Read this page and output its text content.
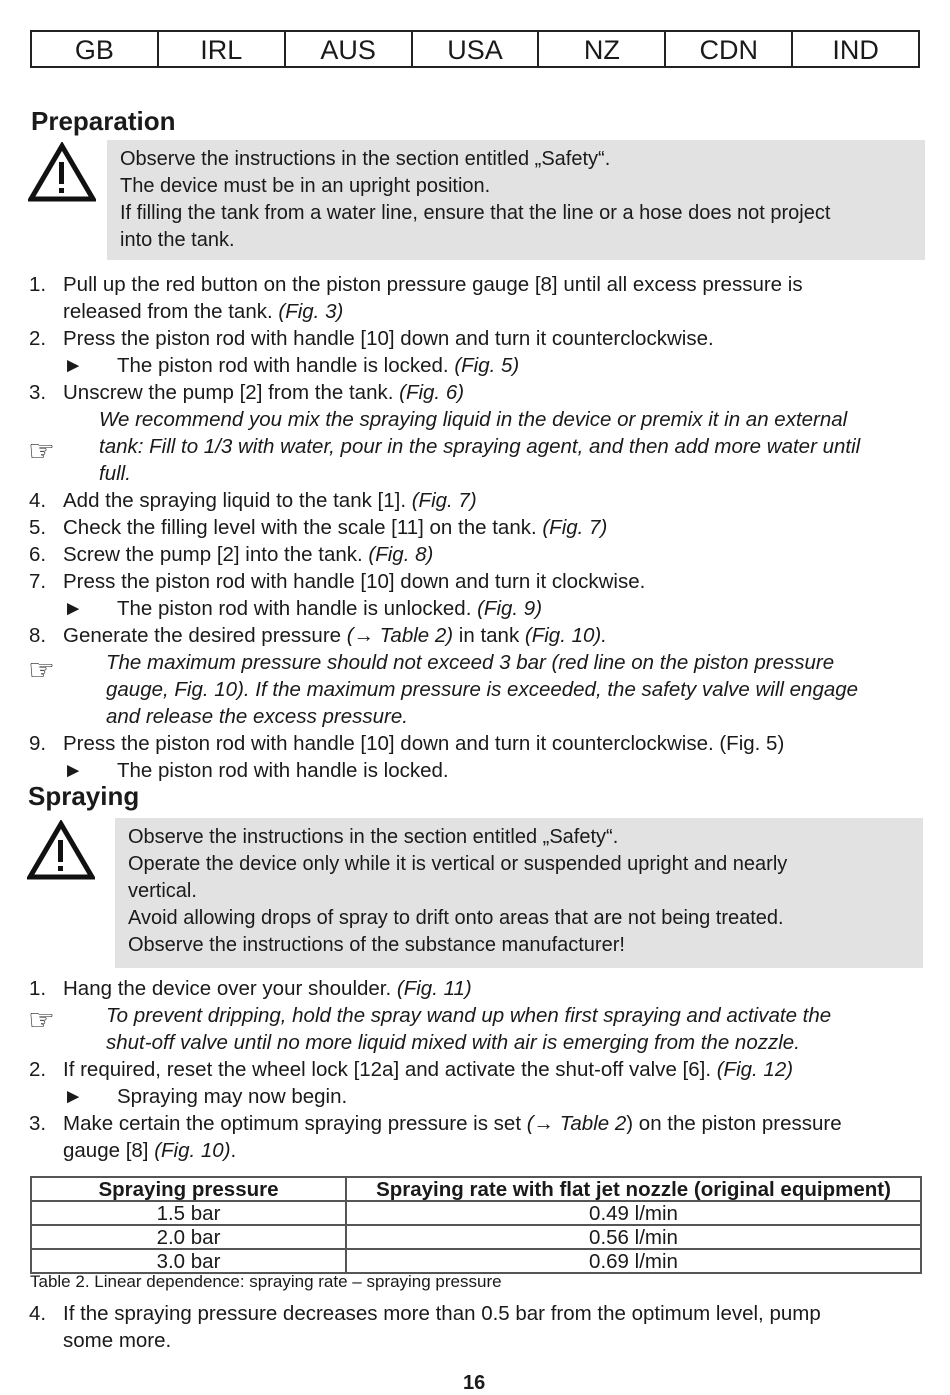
GB	IRL	AUS	USA	NZ	CDN	IND
Preparation

Observe the instructions in the section entitled „Safety“.

The device must be in an upright position.

If filling the tank from a water line, ensure that the line or a hose does not project

into the tank.

1. Pull up the red button on the piston pressure gauge [8] until all excess pressure is
released from the tank. (Fig. 3)
2. Press the piston rod with handle [10] down and turn it counterclockwise.
► The piston rod with handle is locked. (Fig. 5)
3. Unscrew the pump [2] from the tank. (Fig. 6)
☞
We recommend you mix the spraying liquid in the device or premix it in an external
tank: Fill to 1/3 with water, pour in the spraying agent, and then add more water until
full.
4. Add the spraying liquid to the tank [1]. (Fig. 7)
5. Check the filling level with the scale [11] on the tank. (Fig. 7)
6. Screw the pump [2] into the tank. (Fig. 8)
7. Press the piston rod with handle [10] down and turn it clockwise.
► The piston rod with handle is unlocked. (Fig. 9)
8. Generate the desired pressure (→ Table 2) in tank (Fig. 10).
☞ The maximum pressure should not exceed 3 bar (red line on the piston pressure
gauge, Fig. 10). If the maximum pressure is exceeded, the safety valve will engage
and release the excess pressure.
9. Press the piston rod with handle [10] down and turn it counterclockwise. (Fig. 5)
► The piston rod with handle is locked.
Spraying

Observe the instructions in the section entitled „Safety“.

Operate the device only while it is vertical or suspended upright and nearly

vertical.

Avoid allowing drops of spray to drift onto areas that are not being treated.

Observe the instructions of the substance manufacturer!

1. Hang the device over your shoulder. (Fig. 11)
☞ To prevent dripping, hold the spray wand up when first spraying and activate the
shut-off valve until no more liquid mixed with air is emerging from the nozzle.
2. If required, reset the wheel lock [12a] and activate the shut-off valve [6]. (Fig. 12)
► Spraying may now begin.
3. Make certain the optimum spraying pressure is set (→ Table 2) on the piston pressure
gauge [8] (Fig. 10).
Spraying pressure	Spraying rate with flat jet nozzle (original equipment)
1.5 bar	0.49 l/min
2.0 bar	0.56 l/min
3.0 bar	0.69 l/min
Table 2. Linear dependence: spraying rate – spraying pressure
4. If the spraying pressure decreases more than 0.5 bar from the optimum level, pump
some more.
16
